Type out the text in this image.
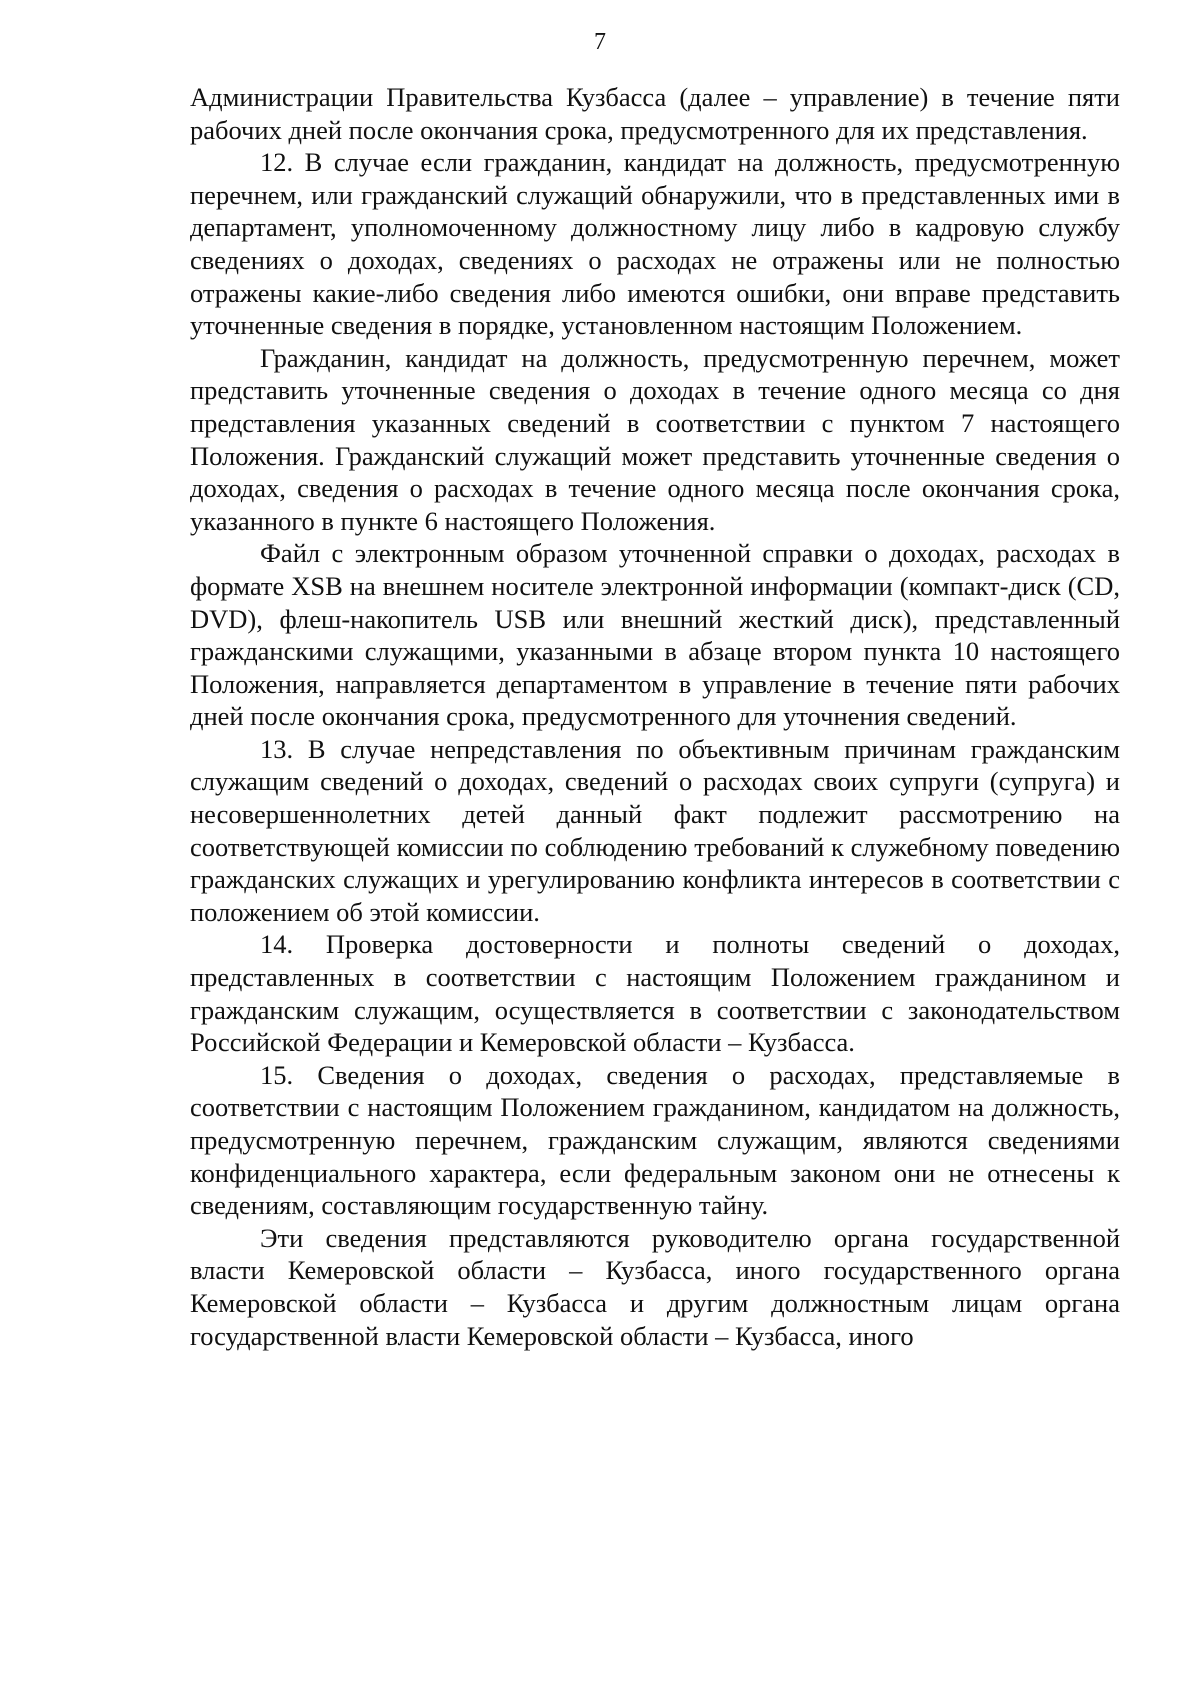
7

Администрации Правительства Кузбасса (далее – управление) в течение пяти рабочих дней после окончания срока, предусмотренного для их представления.

12. В случае если гражданин, кандидат на должность, предусмотренную перечнем, или гражданский служащий обнаружили, что в представленных ими в департамент, уполномоченному должностному лицу либо в кадровую службу сведениях о доходах, сведениях о расходах не отражены или не полностью отражены какие-либо сведения либо имеются ошибки, они вправе представить уточненные сведения в порядке, установленном настоящим Положением.

Гражданин, кандидат на должность, предусмотренную перечнем, может представить уточненные сведения о доходах в течение одного месяца со дня представления указанных сведений в соответствии с пунктом 7 настоящего Положения. Гражданский служащий может представить уточненные сведения о доходах, сведения о расходах в течение одного месяца после окончания срока, указанного в пункте 6 настоящего Положения.

Файл с электронным образом уточненной справки о доходах, расходах в формате XSB на внешнем носителе электронной информации (компакт-диск (CD, DVD), флеш-накопитель USB или внешний жесткий диск), представленный гражданскими служащими, указанными в абзаце втором пункта 10 настоящего Положения, направляется департаментом в управление в течение пяти рабочих дней после окончания срока, предусмотренного для уточнения сведений.

13. В случае непредставления по объективным причинам гражданским служащим сведений о доходах, сведений о расходах своих супруги (супруга) и несовершеннолетних детей данный факт подлежит рассмотрению на соответствующей комиссии по соблюдению требований к служебному поведению гражданских служащих и урегулированию конфликта интересов в соответствии с положением об этой комиссии.

14. Проверка достоверности и полноты сведений о доходах, представленных в соответствии с настоящим Положением гражданином и гражданским служащим, осуществляется в соответствии с законодательством Российской Федерации и Кемеровской области – Кузбасса.

15. Сведения о доходах, сведения о расходах, представляемые в соответствии с настоящим Положением гражданином, кандидатом на должность, предусмотренную перечнем, гражданским служащим, являются сведениями конфиденциального характера, если федеральным законом они не отнесены к сведениям, составляющим государственную тайну.

Эти сведения представляются руководителю органа государственной власти Кемеровской области – Кузбасса, иного государственного органа Кемеровской области – Кузбасса и другим должностным лицам органа государственной власти Кемеровской области – Кузбасса, иного
